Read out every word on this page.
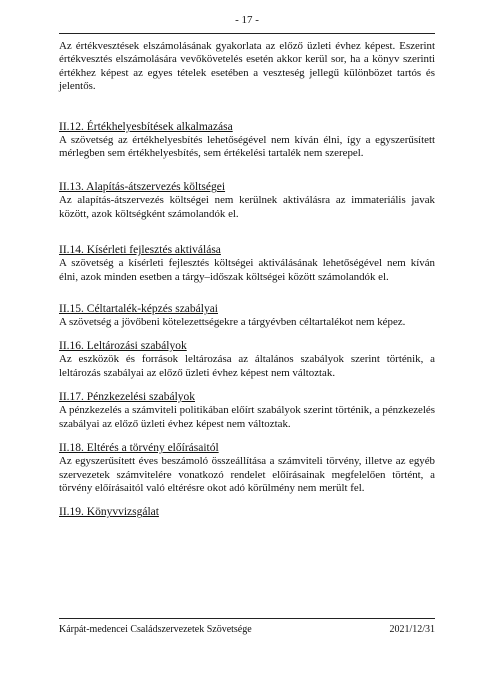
- 17 -

Az értékvesztések elszámolásának gyakorlata az előző üzleti évhez képest. Eszerint értékvesztés elszámolására vevőkövetelés esetén akkor kerül sor, ha a könyv szerinti értékhez képest az egyes tételek esetében a veszteség jellegű különbözet tartós és jelentős.

II.12. Értékhelyesbítések alkalmazása

A szövetség az értékhelyesbítés lehetőségével nem kíván élni, így a egyszerűsített mérlegben sem értékhelyesbítés, sem értékelési tartalék nem szerepel.

II.13. Alapítás-átszervezés költségei

Az alapítás-átszervezés költségei nem kerülnek aktiválásra az immateriális javak között, azok költségként számolandók el.

II.14. Kísérleti fejlesztés aktiválása

A szövetség a kísérleti fejlesztés költségei aktiválásának lehetőségével nem kíván élni, azok minden esetben a tárgy–időszak költségei között számolandók el.

II.15. Céltartalék-képzés szabályai

A szövetség a jövőbeni kötelezettségekre a tárgyévben céltartalékot nem képez.

II.16. Leltározási szabályok

Az eszközök és források leltározása az általános szabályok szerint történik, a leltározás szabályai az előző üzleti évhez képest nem változtak.

II.17. Pénzkezelési szabályok

A pénzkezelés a számviteli politikában előírt szabályok szerint történik, a pénzkezelés szabályai az előző üzleti évhez képest nem változtak.

II.18. Eltérés a törvény előírásaitól

Az egyszerűsített éves beszámoló összeállítása a számviteli törvény, illetve az egyéb szervezetek számvitelére vonatkozó rendelet előírásainak megfelelően történt, a törvény előírásaitól való eltérésre okot adó körülmény nem merült fel.

II.19. Könyvvizsgálat
Kárpát-medencei Családszervezetek Szövetsége	2021/12/31
